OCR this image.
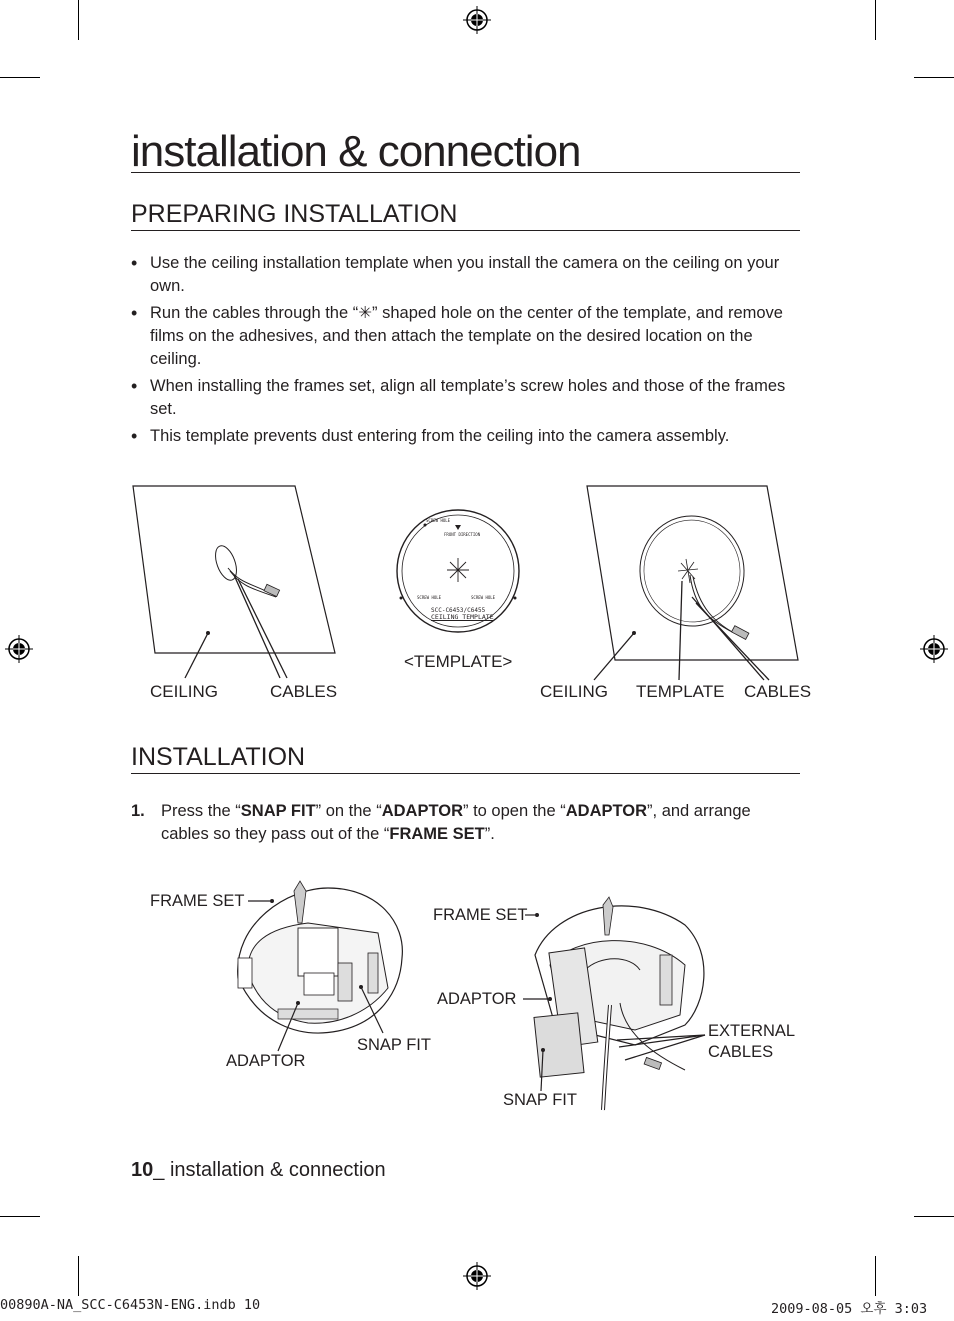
installation & connection
PREPARING INSTALLATION
• Use the ceiling installation template when you install the camera on the ceiling on your own.
• Run the cables through the “✳” shaped hole on the center of the template, and remove films on the adhesives, and then attach the template on the desired location on the ceiling.
• When installing the frames set, align all template’s screw holes and those of the frames set.
• This template prevents dust entering from the ceiling into the camera assembly.
CEILING	CABLES
SCREW HOLE
FRONT DIRECTION
SCREW HOLE	SCREW HOLE
SCC-C6453/C6455
CEILING TEMPLATE
<TEMPLATE>
CEILING TEMPLATE CABLES
INSTALLATION
1. Press the “SNAP FIT” on the “ADAPTOR” to open the “ADAPTOR”, and arrange cables so they pass out of the “FRAME SET”.
FRAME SET
ADAPTOR
SNAP FIT
FRAME SET
ADAPTOR
SNAP FIT
EXTERNAL
CABLES
10_ installation & connection
00890A-NA_SCC-C6453N-ENG.indb 10	2009-08-05 오후 3:03
